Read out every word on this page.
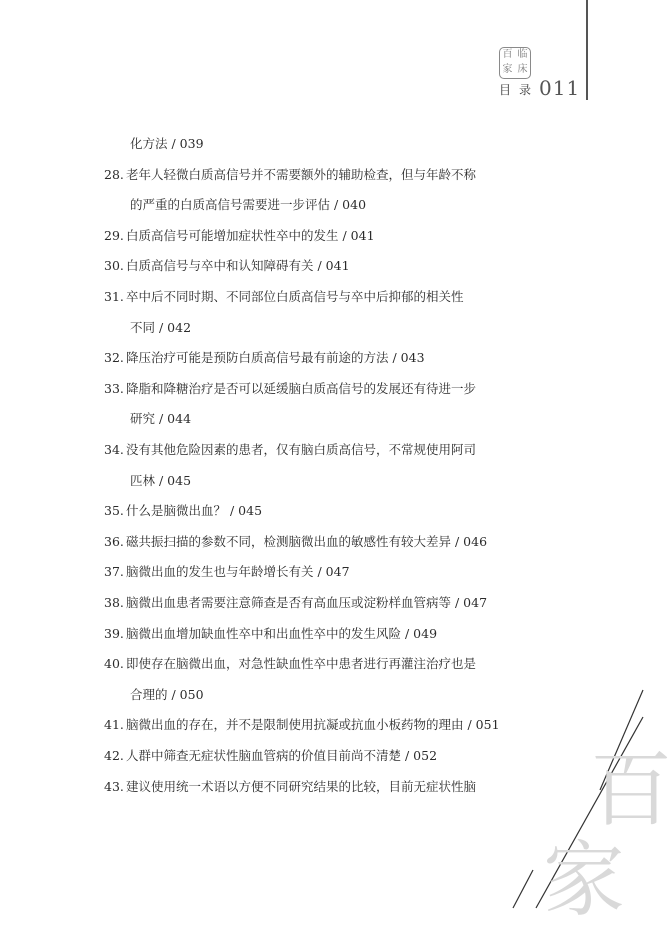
百 临
家 床
目录 011
化方法 / 039
28. 老年人轻微白质高信号并不需要额外的辅助检查，但与年龄不称
的严重的白质高信号需要进一步评估 / 040
29. 白质高信号可能增加症状性卒中的发生 / 041
30. 白质高信号与卒中和认知障碍有关 / 041
31. 卒中后不同时期、不同部位白质高信号与卒中后抑郁的相关性
不同 / 042
32. 降压治疗可能是预防白质高信号最有前途的方法 / 043
33. 降脂和降糖治疗是否可以延缓脑白质高信号的发展还有待进一步
研究 / 044
34. 没有其他危险因素的患者，仅有脑白质高信号，不常规使用阿司
匹林 / 045
35. 什么是脑微出血？ / 045
36. 磁共振扫描的参数不同，检测脑微出血的敏感性有较大差异 / 046
37. 脑微出血的发生也与年龄增长有关 / 047
38. 脑微出血患者需要注意筛查是否有高血压或淀粉样血管病等 / 047
39. 脑微出血增加缺血性卒中和出血性卒中的发生风险 / 049
40. 即使存在脑微出血，对急性缺血性卒中患者进行再灌注治疗也是
合理的 / 050
41. 脑微出血的存在，并不是限制使用抗凝或抗血小板药物的理由 / 051
42. 人群中筛查无症状性脑血管病的价值目前尚不清楚 / 052
43. 建议使用统一术语以方便不同研究结果的比较，目前无症状性脑 百
家
